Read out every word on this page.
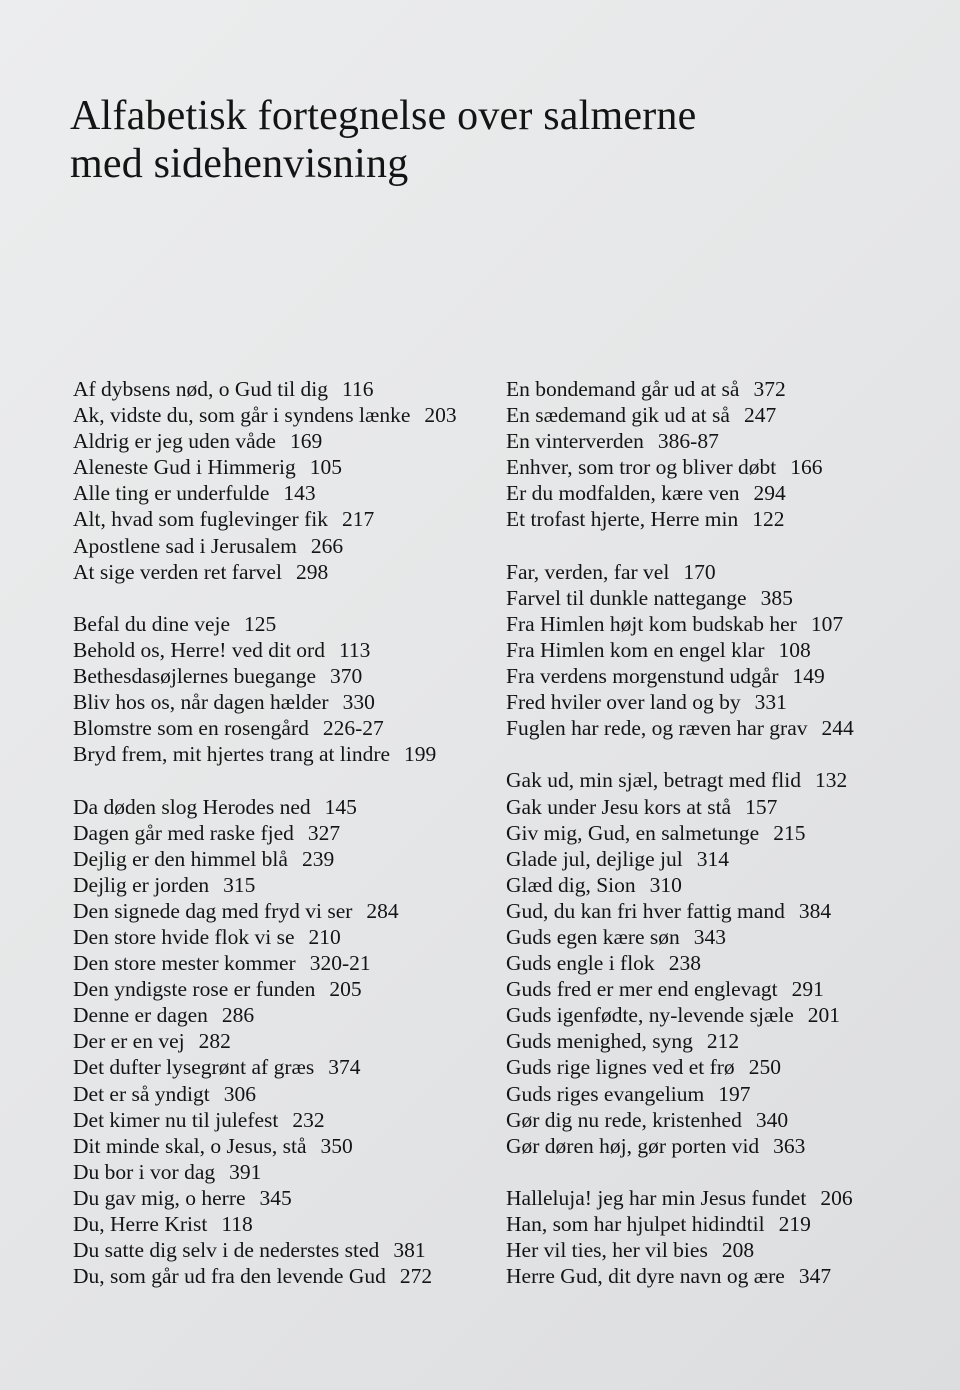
Alfabetisk fortegnelse over salmerne
med sidehenvisning
Af dybsens nød, o Gud til dig 116
Ak, vidste du, som går i syndens lænke 203
Aldrig er jeg uden våde 169
Aleneste Gud i Himmerig 105
Alle ting er underfulde 143
Alt, hvad som fuglevinger fik 217
Apostlene sad i Jerusalem 266
At sige verden ret farvel 298
Befal du dine veje 125
Behold os, Herre! ved dit ord 113
Bethesdasøjlernes buegange 370
Bliv hos os, når dagen hælder 330
Blomstre som en rosengård 226-27
Bryd frem, mit hjertes trang at lindre 199
Da døden slog Herodes ned 145
Dagen går med raske fjed 327
Dejlig er den himmel blå 239
Dejlig er jorden 315
Den signede dag med fryd vi ser 284
Den store hvide flok vi se 210
Den store mester kommer 320-21
Den yndigste rose er funden 205
Denne er dagen 286
Der er en vej 282
Det dufter lysegrønt af græs 374
Det er så yndigt 306
Det kimer nu til julefest 232
Dit minde skal, o Jesus, stå 350
Du bor i vor dag 391
Du gav mig, o herre 345
Du, Herre Krist 118
Du satte dig selv i de nederstes sted 381
Du, som går ud fra den levende Gud 272
En bondemand går ud at så 372
En sædemand gik ud at så 247
En vinterverden 386-87
Enhver, som tror og bliver døbt 166
Er du modfalden, kære ven 294
Et trofast hjerte, Herre min 122
Far, verden, far vel 170
Farvel til dunkle nattegange 385
Fra Himlen højt kom budskab her 107
Fra Himlen kom en engel klar 108
Fra verdens morgenstund udgår 149
Fred hviler over land og by 331
Fuglen har rede, og ræven har grav 244
Gak ud, min sjæl, betragt med flid 132
Gak under Jesu kors at stå 157
Giv mig, Gud, en salmetunge 215
Glade jul, dejlige jul 314
Glæd dig, Sion 310
Gud, du kan fri hver fattig mand 384
Guds egen kære søn 343
Guds engle i flok 238
Guds fred er mer end englevagt 291
Guds igenfødte, ny-levende sjæle 201
Guds menighed, syng 212
Guds rige lignes ved et frø 250
Guds riges evangelium 197
Gør dig nu rede, kristenhed 340
Gør døren høj, gør porten vid 363
Halleluja! jeg har min Jesus fundet 206
Han, som har hjulpet hidindtil 219
Her vil ties, her vil bies 208
Herre Gud, dit dyre navn og ære 347
